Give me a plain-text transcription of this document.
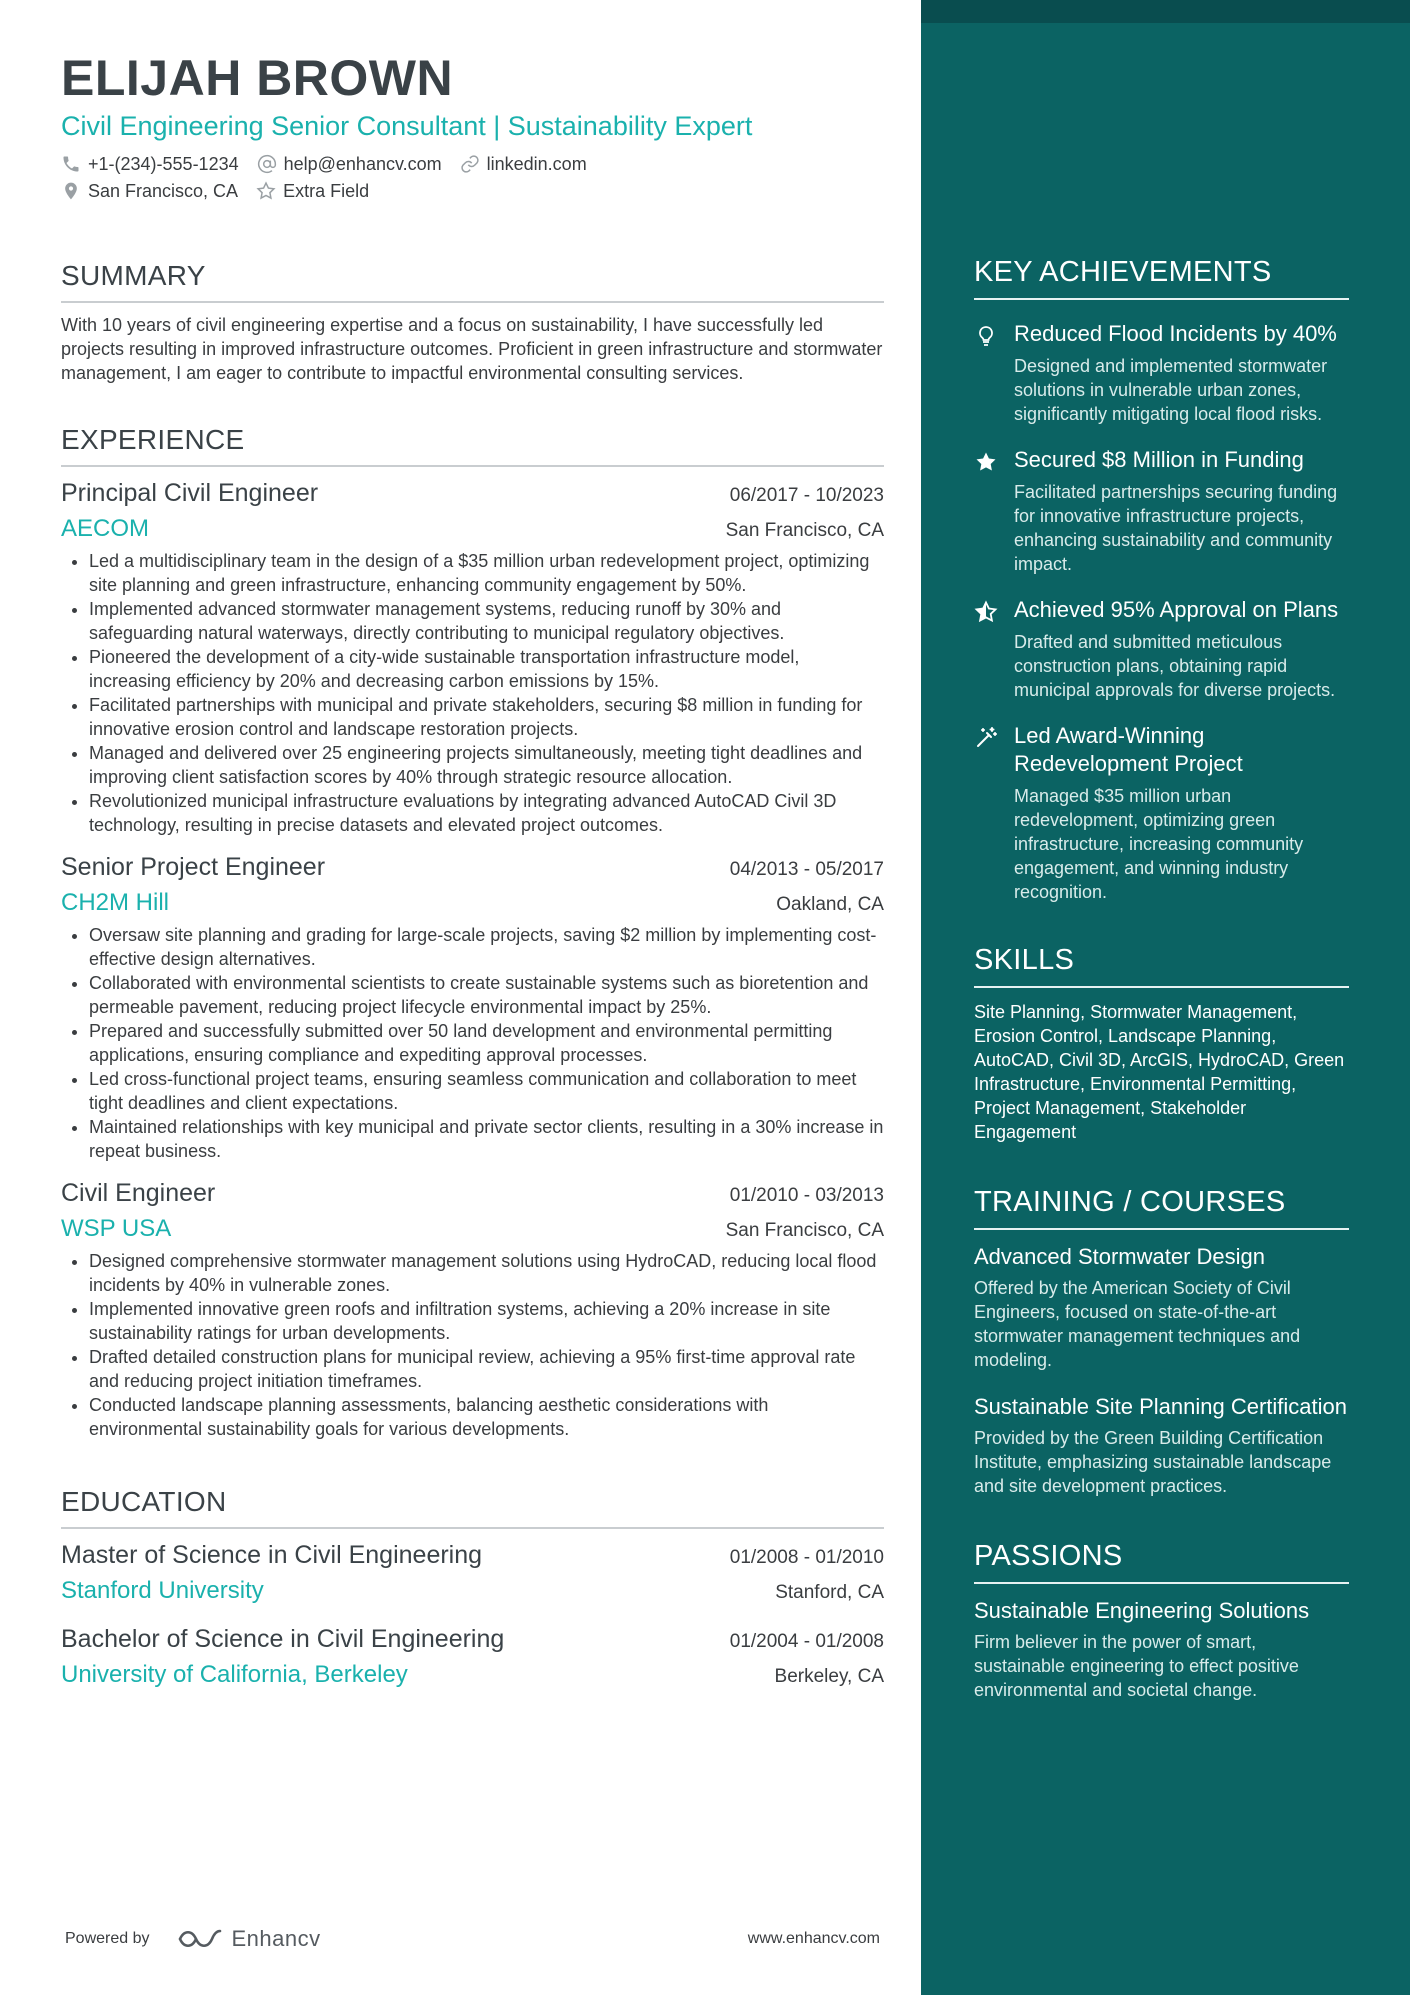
ELIJAH BROWN
Civil Engineering Senior Consultant | Sustainability Expert
+1-(234)-555-1234	help@enhancv.com	linkedin.com
San Francisco, CA	Extra Field
SUMMARY
With 10 years of civil engineering expertise and a focus on sustainability, I have successfully led projects resulting in improved infrastructure outcomes. Proficient in green infrastructure and stormwater management, I am eager to contribute to impactful environmental consulting services.
EXPERIENCE
Principal Civil Engineer	06/2017 - 10/2023
AECOM	San Francisco, CA
• Led a multidisciplinary team in the design of a $35 million urban redevelopment project, optimizing site planning and green infrastructure, enhancing community engagement by 50%.
• Implemented advanced stormwater management systems, reducing runoff by 30% and safeguarding natural waterways, directly contributing to municipal regulatory objectives.
• Pioneered the development of a city-wide sustainable transportation infrastructure model, increasing efficiency by 20% and decreasing carbon emissions by 15%.
• Facilitated partnerships with municipal and private stakeholders, securing $8 million in funding for innovative erosion control and landscape restoration projects.
• Managed and delivered over 25 engineering projects simultaneously, meeting tight deadlines and improving client satisfaction scores by 40% through strategic resource allocation.
• Revolutionized municipal infrastructure evaluations by integrating advanced AutoCAD Civil 3D technology, resulting in precise datasets and elevated project outcomes.
Senior Project Engineer	04/2013 - 05/2017
CH2M Hill	Oakland, CA
• Oversaw site planning and grading for large-scale projects, saving $2 million by implementing cost-effective design alternatives.
• Collaborated with environmental scientists to create sustainable systems such as bioretention and permeable pavement, reducing project lifecycle environmental impact by 25%.
• Prepared and successfully submitted over 50 land development and environmental permitting applications, ensuring compliance and expediting approval processes.
• Led cross-functional project teams, ensuring seamless communication and collaboration to meet tight deadlines and client expectations.
• Maintained relationships with key municipal and private sector clients, resulting in a 30% increase in repeat business.
Civil Engineer	01/2010 - 03/2013
WSP USA	San Francisco, CA
• Designed comprehensive stormwater management solutions using HydroCAD, reducing local flood incidents by 40% in vulnerable zones.
• Implemented innovative green roofs and infiltration systems, achieving a 20% increase in site sustainability ratings for urban developments.
• Drafted detailed construction plans for municipal review, achieving a 95% first-time approval rate and reducing project initiation timeframes.
• Conducted landscape planning assessments, balancing aesthetic considerations with environmental sustainability goals for various developments.
EDUCATION
Master of Science in Civil Engineering	01/2008 - 01/2010
Stanford University	Stanford, CA
Bachelor of Science in Civil Engineering	01/2004 - 01/2008
University of California, Berkeley	Berkeley, CA
Powered by	Enhancv	www.enhancv.com
KEY ACHIEVEMENTS
Reduced Flood Incidents by 40%
Designed and implemented stormwater solutions in vulnerable urban zones, significantly mitigating local flood risks.
Secured $8 Million in Funding
Facilitated partnerships securing funding for innovative infrastructure projects, enhancing sustainability and community impact.
Achieved 95% Approval on Plans
Drafted and submitted meticulous construction plans, obtaining rapid municipal approvals for diverse projects.
Led Award-Winning Redevelopment Project
Managed $35 million urban redevelopment, optimizing green infrastructure, increasing community engagement, and winning industry recognition.
SKILLS
Site Planning, Stormwater Management, Erosion Control, Landscape Planning, AutoCAD, Civil 3D, ArcGIS, HydroCAD, Green Infrastructure, Environmental Permitting, Project Management, Stakeholder Engagement
TRAINING / COURSES
Advanced Stormwater Design
Offered by the American Society of Civil Engineers, focused on state-of-the-art stormwater management techniques and modeling.
Sustainable Site Planning Certification
Provided by the Green Building Certification Institute, emphasizing sustainable landscape and site development practices.
PASSIONS
Sustainable Engineering Solutions
Firm believer in the power of smart, sustainable engineering to effect positive environmental and societal change.
